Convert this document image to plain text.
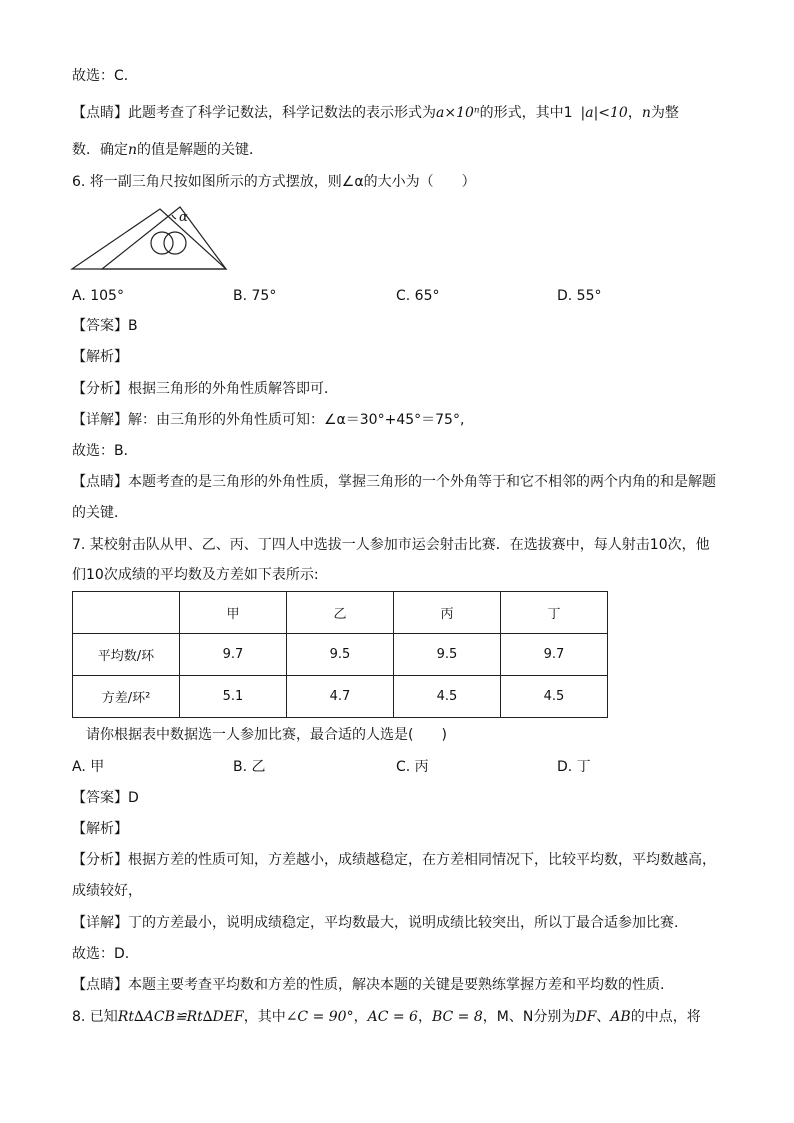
故选：C．
【点睛】此题考查了科学记数法，科学记数法的表示形式为a×10ⁿ的形式，其中1 |a|<10，n为整
数．确定n的值是解题的关键．
6. 将一副三角尺按如图所示的方式摆放，则∠α的大小为（　　）
α
A. 105°	B. 75°	C. 65°	D. 55°
【答案】B
【解析】
【分析】根据三角形的外角性质解答即可．
【详解】解：由三角形的外角性质可知：∠α＝30°+45°＝75°,
故选：B．
【点睛】本题考查的是三角形的外角性质，掌握三角形的一个外角等于和它不相邻的两个内角的和是解题
的关键．
7. 某校射击队从甲、乙、丙、丁四人中选拔一人参加市运会射击比赛．在选拔赛中，每人射击10次，他
们10次成绩的平均数及方差如下表所示:
	甲	乙	丙	丁
平均数/环	9.7	9.5	9.5	9.7
方差/环²	5.1	4.7	4.5	4.5
请你根据表中数据选一人参加比赛，最合适的人选是(　　)
A. 甲	B. 乙	C. 丙	D. 丁
【答案】D
【解析】
【分析】根据方差的性质可知，方差越小，成绩越稳定，在方差相同情况下，比较平均数，平均数越高，
成绩较好，
【详解】丁的方差最小，说明成绩稳定，平均数最大，说明成绩比较突出，所以丁最合适参加比赛.
故选：D.
【点睛】本题主要考查平均数和方差的性质，解决本题的关键是要熟练掌握方差和平均数的性质.
8. 已知Rt∆ACB≌Rt∆DEF，其中∠C = 90°，AC = 6，BC = 8，M、N分别为DF、AB的中点，将
